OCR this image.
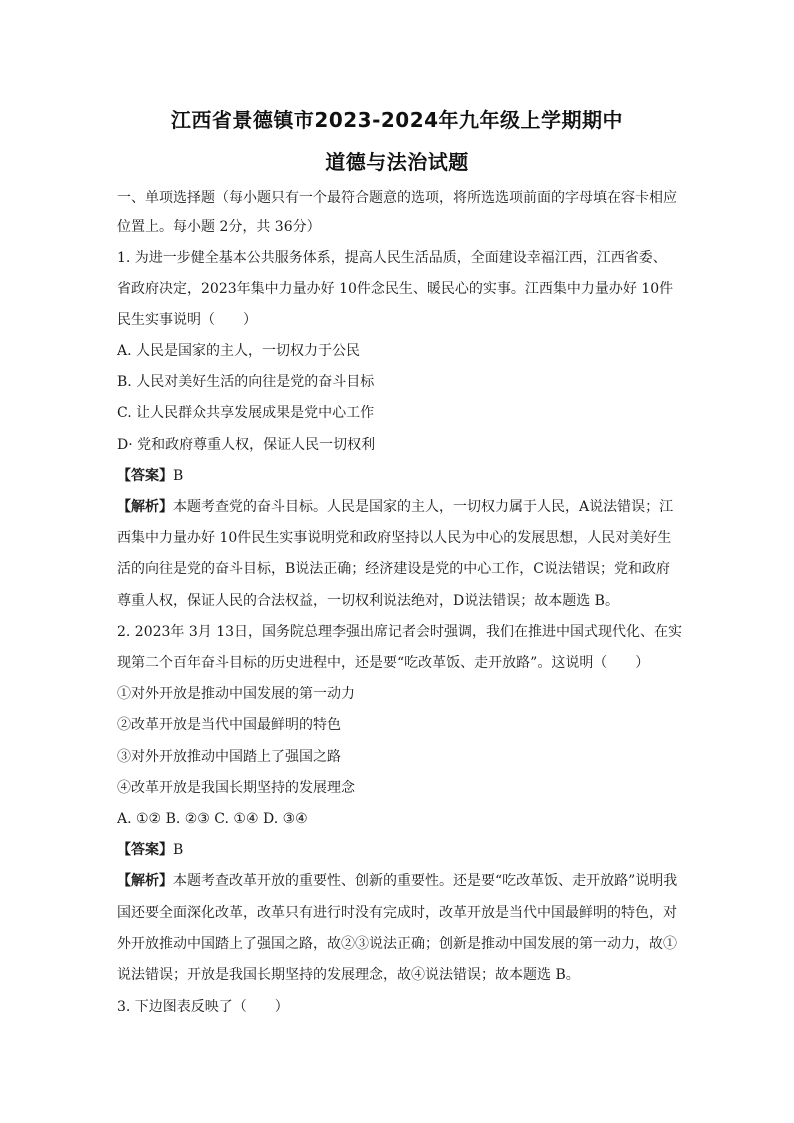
江西省景德镇市2023-2024年九年级上学期期中
道德与法治试题
一、单项选择题（每小题只有一个最符合题意的选项，将所选选项前面的字母填在容卡相应
位置上。每小题 2分，共 36分）
1. 为进一步健全基本公共服务体系，提高人民生活品质，全面建设幸福江西，江西省委、
省政府决定，2023年集中力量办好 10件念民生、暖民心的实事。江西集中力量办好 10件
民生实事说明（　　）
A. 人民是国家的主人，一切权力于公民
B. 人民对美好生活的向往是党的奋斗目标
C. 让人民群众共享发展成果是党中心工作
D· 党和政府尊重人权，保证人民一切权利
【答案】B
【解析】本题考查党的奋斗目标。人民是国家的主人，一切权力属于人民，A说法错误；江
西集中力量办好 10件民生实事说明党和政府坚持以人民为中心的发展思想，人民对美好生
活的向往是党的奋斗目标，B说法正确；经济建设是党的中心工作，C说法错误；党和政府
尊重人权，保证人民的合法权益，一切权利说法绝对，D说法错误；故本题选 B。
2. 2023年 3月 13日，国务院总理李强出席记者会时强调，我们在推进中国式现代化、在实
现第二个百年奋斗目标的历史进程中，还是要“吃改革饭、走开放路”。这说明（　　）
①对外开放是推动中国发展的第一动力
②改革开放是当代中国最鲜明的特色
③对外开放推动中国踏上了强国之路
④改革开放是我国长期坚持的发展理念
A. ①② B. ②③ C. ①④ D. ③④
【答案】B
【解析】本题考查改革开放的重要性、创新的重要性。还是要“吃改革饭、走开放路”说明我
国还要全面深化改革，改革只有进行时没有完成时，改革开放是当代中国最鲜明的特色，对
外开放推动中国踏上了强国之路，故②③说法正确；创新是推动中国发展的第一动力，故①
说法错误；开放是我国长期坚持的发展理念，故④说法错误；故本题选 B。
3. 下边图表反映了（　　）
